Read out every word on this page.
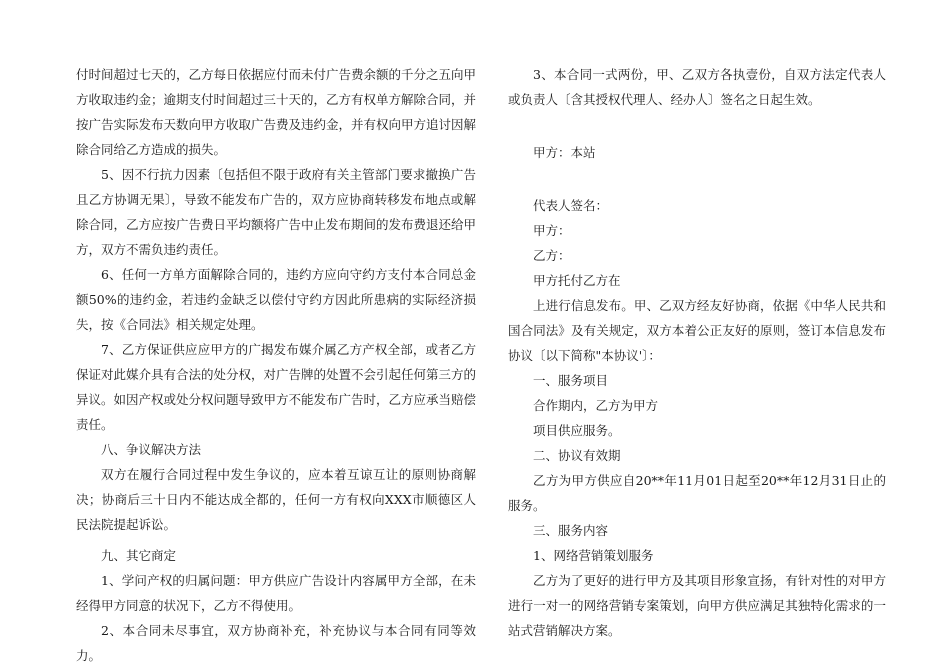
付时间超过七天的，乙方每日依据应付而未付广告费余额的千分之五向甲方收取违约金；逾期支付时间超过三十天的，乙方有权单方解除合同，并按广告实际发布天数向甲方收取广告费及违约金，并有权向甲方追讨因解除合同给乙方造成的损失。

5、因不行抗力因素〔包括但不限于政府有关主管部门要求撤换广告且乙方协调无果〕，导致不能发布广告的，双方应协商转移发布地点或解除合同，乙方应按广告费日平均额将广告中止发布期间的发布费退还给甲方，双方不需负违约责任。

6、任何一方单方面解除合同的，违约方应向守约方支付本合同总金额50%的违约金，若违约金缺乏以偿付守约方因此所患病的实际经济损失，按《合同法》相关规定处理。

7、乙方保证供应应甲方的广揭发布媒介属乙方产权全部，或者乙方保证对此媒介具有合法的处分权，对广告牌的处置不会引起任何第三方的异议。如因产权或处分权问题导致甲方不能发布广告时，乙方应承当赔偿责任。

八、争议解决方法

双方在履行合同过程中发生争议的，应本着互谅互让的原则协商解决；协商后三十日内不能达成全都的，任何一方有权向XXX市顺德区人民法院提起诉讼。

九、其它商定

1、学问产权的归属问题：甲方供应广告设计内容属甲方全部，在未经得甲方同意的状况下，乙方不得使用。

2、本合同未尽事宜，双方协商补充，补充协议与本合同有同等效力。

3、本合同一式两份，甲、乙双方各执壹份，自双方法定代表人或负责人〔含其授权代理人、经办人〕签名之日起生效。

甲方：本站

代表人签名：

甲方：

乙方：

甲方托付乙方在

上进行信息发布。甲、乙双方经友好协商，依据《中华人民共和国合同法》及有关规定，双方本着公正友好的原则，签订本信息发布协议〔以下简称"本协议'〕：

一、服务项目

合作期内，乙方为甲方

项目供应服务。

二、协议有效期

乙方为甲方供应自20**年11月01日起至20**年12月31日止的服务。

三、服务内容

1、网络营销策划服务

乙方为了更好的进行甲方及其项目形象宣扬，有针对性的对甲方进行一对一的网络营销专案策划，向甲方供应满足其独特化需求的一站式营销解决方案。
